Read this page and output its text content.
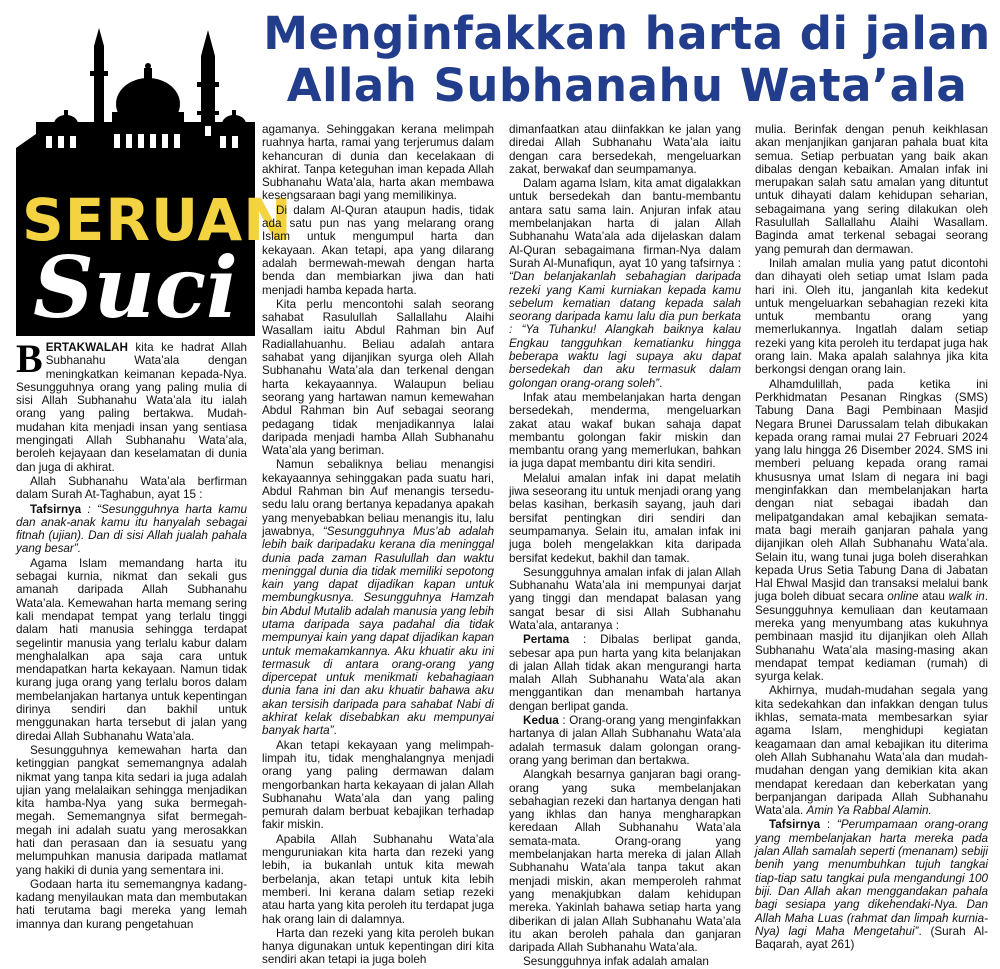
Menginfakkan harta di jalan
Allah Subhanahu Wata’ala
SERUAN
Suci

BERTAKWALAH kita ke hadrat Allah Subhanahu Wata’ala dengan meningkatkan keimanan kepada-Nya. Sesungguhnya orang yang paling mulia di sisi Allah Subhanahu Wata’ala itu ialah orang yang paling bertakwa. Mudah-mudahan kita menjadi insan yang sentiasa mengingati Allah Subhanahu Wata’ala, beroleh kejayaan dan keselamatan di dunia dan juga di akhirat.

Allah Subhanahu Wata’ala berfirman dalam Surah At-Taghabun, ayat 15 :

Tafsirnya : “Sesungguhnya harta kamu dan anak-anak kamu itu hanyalah sebagai fitnah (ujian). Dan di sisi Allah jualah pahala yang besar”.

Agama Islam memandang harta itu sebagai kurnia, nikmat dan sekali gus amanah daripada Allah Subhanahu Wata’ala. Kemewahan harta memang sering kali mendapat tempat yang terlalu tinggi dalam hati manusia sehingga terdapat segelintir manusia yang terlalu kabur dalam menghalalkan apa saja cara untuk mendapatkan harta kekayaan. Namun tidak kurang juga orang yang terlalu boros dalam membelanjakan hartanya untuk kepentingan dirinya sendiri dan bakhil untuk menggunakan harta tersebut di jalan yang diredai Allah Subhanahu Wata’ala.

Sesungguhnya kemewahan harta dan ketinggian pangkat sememangnya adalah nikmat yang tanpa kita sedari ia juga adalah ujian yang melalaikan sehingga menjadikan kita hamba-Nya yang suka bermegah-megah. Sememangnya sifat bermegah-megah ini adalah suatu yang merosakkan hati dan perasaan dan ia sesuatu yang melumpuhkan manusia daripada matlamat yang hakiki di dunia yang sementara ini.

Godaan harta itu sememangnya kadang-kadang menyilaukan mata dan membutakan hati terutama bagi mereka yang lemah imannya dan kurang pengetahuan

agamanya. Sehinggakan kerana melimpah ruahnya harta, ramai yang terjerumus dalam kehancuran di dunia dan kecelakaan di akhirat. Tanpa keteguhan iman kepada Allah Subhanahu Wata’ala, harta akan membawa kesengsaraan bagi yang memilikinya.

Di dalam Al-Quran ataupun hadis, tidak ada satu pun nas yang melarang orang Islam untuk mengumpul harta dan kekayaan. Akan tetapi, apa yang dilarang adalah bermewah-mewah dengan harta benda dan membiarkan jiwa dan hati menjadi hamba kepada harta.

Kita perlu mencontohi salah seorang sahabat Rasulullah Sallallahu Alaihi Wasallam iaitu Abdul Rahman bin Auf Radiallahuanhu. Beliau adalah antara sahabat yang dijanjikan syurga oleh Allah Subhanahu Wata’ala dan terkenal dengan harta kekayaannya. Walaupun beliau seorang yang hartawan namun kemewahan Abdul Rahman bin Auf sebagai seorang pedagang tidak menjadikannya lalai daripada menjadi hamba Allah Subhanahu Wata’ala yang beriman.

Namun sebaliknya beliau menangisi kekayaannya sehinggakan pada suatu hari, Abdul Rahman bin Auf menangis tersedu-sedu lalu orang bertanya kepadanya apakah yang menyebabkan beliau menangis itu, lalu jawabnya, “Sesungguhnya Mus’ab adalah lebih baik daripadaku kerana dia meninggal dunia pada zaman Rasulullah dan waktu meninggal dunia dia tidak memiliki sepotong kain yang dapat dijadikan kapan untuk membungkusnya. Sesungguhnya Hamzah bin Abdul Mutalib adalah manusia yang lebih utama daripada saya padahal dia tidak mempunyai kain yang dapat dijadikan kapan untuk memakamkannya. Aku khuatir aku ini termasuk di antara orang-orang yang dipercepat untuk menikmati kebahagiaan dunia fana ini dan aku khuatir bahawa aku akan tersisih daripada para sahabat Nabi di akhirat kelak disebabkan aku mempunyai banyak harta”.

Akan tetapi kekayaan yang melimpah-limpah itu, tidak menghalangnya menjadi orang yang paling dermawan dalam mengorbankan harta kekayaan di jalan Allah Subhanahu Wata’ala dan yang paling pemurah dalam berbuat kebajikan terhadap fakir miskin.

Apabila Allah Subhanahu Wata’ala menguruniakan kita harta dan rezeki yang lebih, ia bukanlah untuk kita mewah berbelanja, akan tetapi untuk kita lebih memberi. Ini kerana dalam setiap rezeki atau harta yang kita peroleh itu terdapat juga hak orang lain di dalamnya.

Harta dan rezeki yang kita peroleh bukan hanya digunakan untuk kepentingan diri kita sendiri akan tetapi ia juga boleh

dimanfaatkan atau diinfakkan ke jalan yang diredai Allah Subhanahu Wata’ala iaitu dengan cara bersedekah, mengeluarkan zakat, berwakaf dan seumpamanya.

Dalam agama Islam, kita amat digalakkan untuk bersedekah dan bantu-membantu antara satu sama lain. Anjuran infak atau membelanjakan harta di jalan Allah Subhanahu Wata’ala ada dijelaskan dalam Al-Quran sebagaimana firman-Nya dalam Surah Al-Munafiqun, ayat 10 yang tafsirnya : “Dan belanjakanlah sebahagian daripada rezeki yang Kami kurniakan kepada kamu sebelum kematian datang kepada salah seorang daripada kamu lalu dia pun berkata : “Ya Tuhanku! Alangkah baiknya kalau Engkau tangguhkan kematianku hingga beberapa waktu lagi supaya aku dapat bersedekah dan aku termasuk dalam golongan orang-orang soleh”.

Infak atau membelanjakan harta dengan bersedekah, menderma, mengeluarkan zakat atau wakaf bukan sahaja dapat membantu golongan fakir miskin dan membantu orang yang memerlukan, bahkan ia juga dapat membantu diri kita sendiri.

Melalui amalan infak ini dapat melatih jiwa seseorang itu untuk menjadi orang yang belas kasihan, berkasih sayang, jauh dari bersifat pentingkan diri sendiri dan seumpamanya. Selain itu, amalan infak ini juga boleh mengelakkan kita daripada bersifat kedekut, bakhil dan tamak.

Sesungguhnya amalan infak di jalan Allah Subhanahu Wata’ala ini mempunyai darjat yang tinggi dan mendapat balasan yang sangat besar di sisi Allah Subhanahu Wata’ala, antaranya :

Pertama : Dibalas berlipat ganda, sebesar apa pun harta yang kita belanjakan di jalan Allah tidak akan mengurangi harta malah Allah Subhanahu Wata’ala akan menggantikan dan menambah hartanya dengan berlipat ganda.

Kedua : Orang-orang yang menginfakkan hartanya di jalan Allah Subhanahu Wata’ala adalah termasuk dalam golongan orang-orang yang beriman dan bertakwa.

Alangkah besarnya ganjaran bagi orang-orang yang suka membelanjakan sebahagian rezeki dan hartanya dengan hati yang ikhlas dan hanya mengharapkan keredaan Allah Subhanahu Wata’ala semata-mata. Orang-orang yang membelanjakan harta mereka di jalan Allah Subhanahu Wata’ala tanpa takut akan menjadi miskin, akan memperoleh rahmat yang menakjubkan dalam kehidupan mereka. Yakinlah bahawa setiap harta yang diberikan di jalan Allah Subhanahu Wata’ala itu akan beroleh pahala dan ganjaran daripada Allah Subhanahu Wata’ala.

Sesungguhnya infak adalah amalan

mulia. Berinfak dengan penuh keikhlasan akan menjanjikan ganjaran pahala buat kita semua. Setiap perbuatan yang baik akan dibalas dengan kebaikan. Amalan infak ini merupakan salah satu amalan yang dituntut untuk dihayati dalam kehidupan seharian, sebagaimana yang sering dilakukan oleh Rasulullah Sallallahu Alaihi Wasallam. Baginda amat terkenal sebagai seorang yang pemurah dan dermawan.

Inilah amalan mulia yang patut dicontohi dan dihayati oleh setiap umat Islam pada hari ini. Oleh itu, janganlah kita kedekut untuk mengeluarkan sebahagian rezeki kita untuk membantu orang yang memerlukannya. Ingatlah dalam setiap rezeki yang kita peroleh itu terdapat juga hak orang lain. Maka apalah salahnya jika kita berkongsi dengan orang lain.

Alhamdulillah, pada ketika ini Perkhidmatan Pesanan Ringkas (SMS) Tabung Dana Bagi Pembinaan Masjid Negara Brunei Darussalam telah dibukakan kepada orang ramai mulai 27 Februari 2024 yang lalu hingga 26 Disember 2024. SMS ini memberi peluang kepada orang ramai khususnya umat Islam di negara ini bagi menginfakkan dan membelanjakan harta dengan niat sebagai ibadah dan melipatgandakan amal kebajikan semata-mata bagi meraih ganjaran pahala yang dijanjikan oleh Allah Subhanahu Wata’ala. Selain itu, wang tunai juga boleh diserahkan kepada Urus Setia Tabung Dana di Jabatan Hal Ehwal Masjid dan transaksi melalui bank juga boleh dibuat secara online atau walk in. Sesungguhnya kemuliaan dan keutamaan mereka yang menyumbang atas kukuhnya pembinaan masjid itu dijanjikan oleh Allah Subhanahu Wata’ala masing-masing akan mendapat tempat kediaman (rumah) di syurga kelak.

Akhirnya, mudah-mudahan segala yang kita sedekahkan dan infakkan dengan tulus ikhlas, semata-mata membesarkan syiar agama Islam, menghidupi kegiatan keagamaan dan amal kebajikan itu diterima oleh Allah Subhanahu Wata’ala dan mudah-mudahan dengan yang demikian kita akan mendapat keredaan dan keberkatan yang berpanjangan daripada Allah Subhanahu Wata’ala. Amin Ya Rabbal Alamin.

Tafsirnya : “Perumpamaan orang-orang yang membelanjakan harta mereka pada jalan Allah samalah seperti (menanam) sebiji benih yang menumbuhkan tujuh tangkai tiap-tiap satu tangkai pula mengandungi 100 biji. Dan Allah akan menggandakan pahala bagi sesiapa yang dikehendaki-Nya. Dan Allah Maha Luas (rahmat dan limpah kurnia-Nya) lagi Maha Mengetahui”. (Surah Al-Baqarah, ayat 261)
